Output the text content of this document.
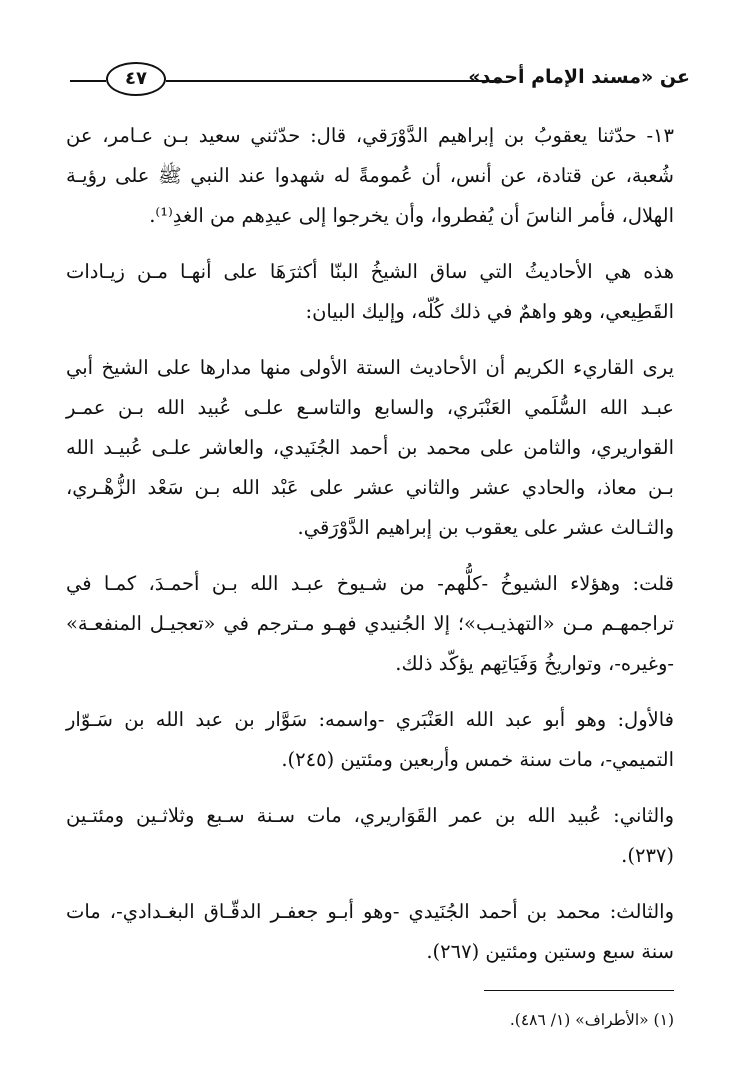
عن «مسند الإمام أحمد»
٤٧

١٣- حدّثنا يعقوبُ بن إبراهيم الدَّوْرَقي، قال: حدّثني سعيد بـن عـامر، عن شُعبة، عن قتادة، عن أنس، أن عُمومةً له شهدوا عند النبي ﷺ على رؤيـة الهلال، فأمر الناسَ أن يُفطروا، وأن يخرجوا إلى عيدِهم من الغدِ⁽¹⁾.

هذه هي الأحاديثُ التي ساق الشيخُ البنّا أكثرَهَا على أنهـا مـن زيـادات القَطِيعي، وهو واهمٌ في ذلك كُلّه، وإليك البيان:

يرى القاريء الكريم أن الأحاديث الستة الأولى منها مدارها على الشيخ أبي عبـد الله السُّلَمي العَنْبَري، والسابع والتاسـع علـى عُبيد الله بـن عمـر القواريري، والثامن على محمد بن أحمد الجُنَيدي، والعاشر علـى عُبيـد الله بـن معاذ، والحادي عشر والثاني عشر على عَبْد الله بـن سَعْد الزُّهْـري، والثـالث عشر على يعقوب بن إبراهيم الدَّوْرَقي.

قلت: وهؤلاء الشيوخُ -كلُّهم- من شـيوخ عبـد الله بـن أحمـدَ، كمـا في تراجمهـم مـن «التهذيـب»؛ إلا الجُنيدي فهـو مـترجم في «تعجيـل المنفعـة» -وغيره-، وتواريخُ وَفَيَاتِهم يؤكّد ذلك.

فالأول: وهو أبو عبد الله العَنْبَري -واسمه: سَوَّار بن عبد الله بن سَـوّار التميمي-، مات سنة خمس وأربعين ومئتين (٢٤٥).

والثاني: عُبيد الله بن عمر القَوَاريري، مات سـنة سـبع وثلاثـين ومئتـين (٢٣٧).

والثالث: محمد بن أحمد الجُنَيدي -وهو أبـو جعفـر الدقّـاق البغـدادي-، مات سنة سبع وستين ومئتين (٢٦٧).

(١) «الأطراف» (١/ ٤٨٦).
